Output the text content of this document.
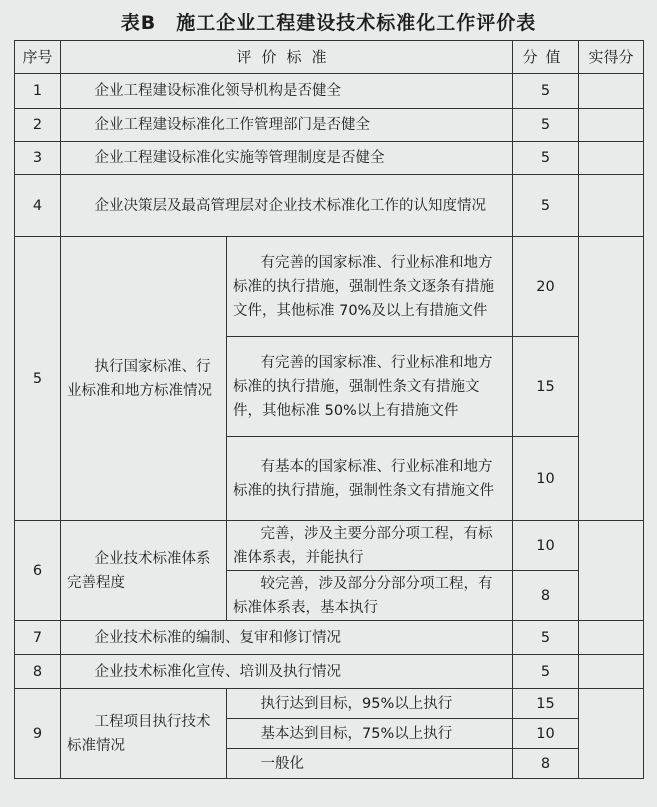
表B　施工企业工程建设技术标准化工作评价表
序号	评价标准		分值	实得分
1	企业工程建设标准化领导机构是否健全		5	
2	企业工程建设标准化工作管理部门是否健全		5	
3	企业工程建设标准化实施等管理制度是否健全		5	
4	企业决策层及最高管理层对企业技术标准化工作的认知度情况		5	
5	执行国家标准、行业标准和地方标准情况	有完善的国家标准、行业标准和地方标准的执行措施，强制性条文逐条有措施文件，其他标准 70%及以上有措施文件	20	
		有完善的国家标准、行业标准和地方标准的执行措施，强制性条文有措施文件，其他标准 50%以上有措施文件	15	
		有基本的国家标准、行业标准和地方标准的执行措施，强制性条文有措施文件	10	
6	企业技术标准体系完善程度	完善，涉及主要分部分项工程，有标准体系表，并能执行	10	
		较完善，涉及部分分部分项工程，有标准体系表，基本执行	8	
7	企业技术标准的编制、复审和修订情况		5	
8	企业技术标准化宣传、培训及执行情况		5	
9	工程项目执行技术标准情况	执行达到目标，95%以上执行	15	
		基本达到目标，75%以上执行	10	
		一般化	8	
